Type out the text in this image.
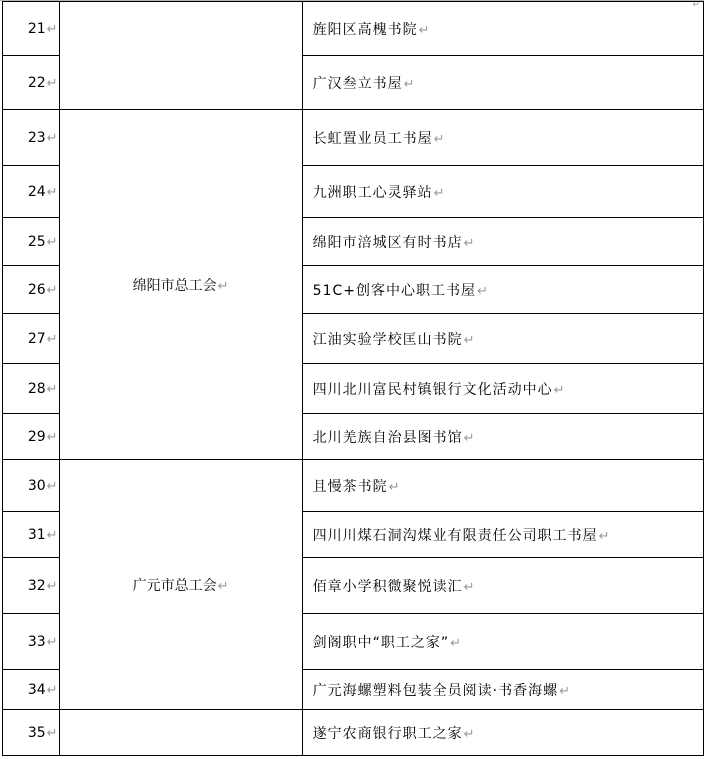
↵
21↵		旌阳区高槐书院↵
22↵		广汉叁立书屋↵
23↵	绵阳市总工会↵	长虹置业员工书屋↵
24↵		九洲职工心灵驿站↵
25↵		绵阳市涪城区有时书店↵
26↵		51C+创客中心职工书屋↵
27↵		江油实验学校匡山书院↵
28↵		四川北川富民村镇银行文化活动中心↵
29↵		北川羌族自治县图书馆↵
30↵	广元市总工会↵	且慢茶书院↵
31↵		四川川煤石洞沟煤业有限责任公司职工书屋↵
32↵		佰章小学积微聚悦读汇↵
33↵		剑阁职中“职工之家”↵
34↵		广元海螺塑料包装全员阅读·书香海螺↵
35↵		遂宁农商银行职工之家↵
